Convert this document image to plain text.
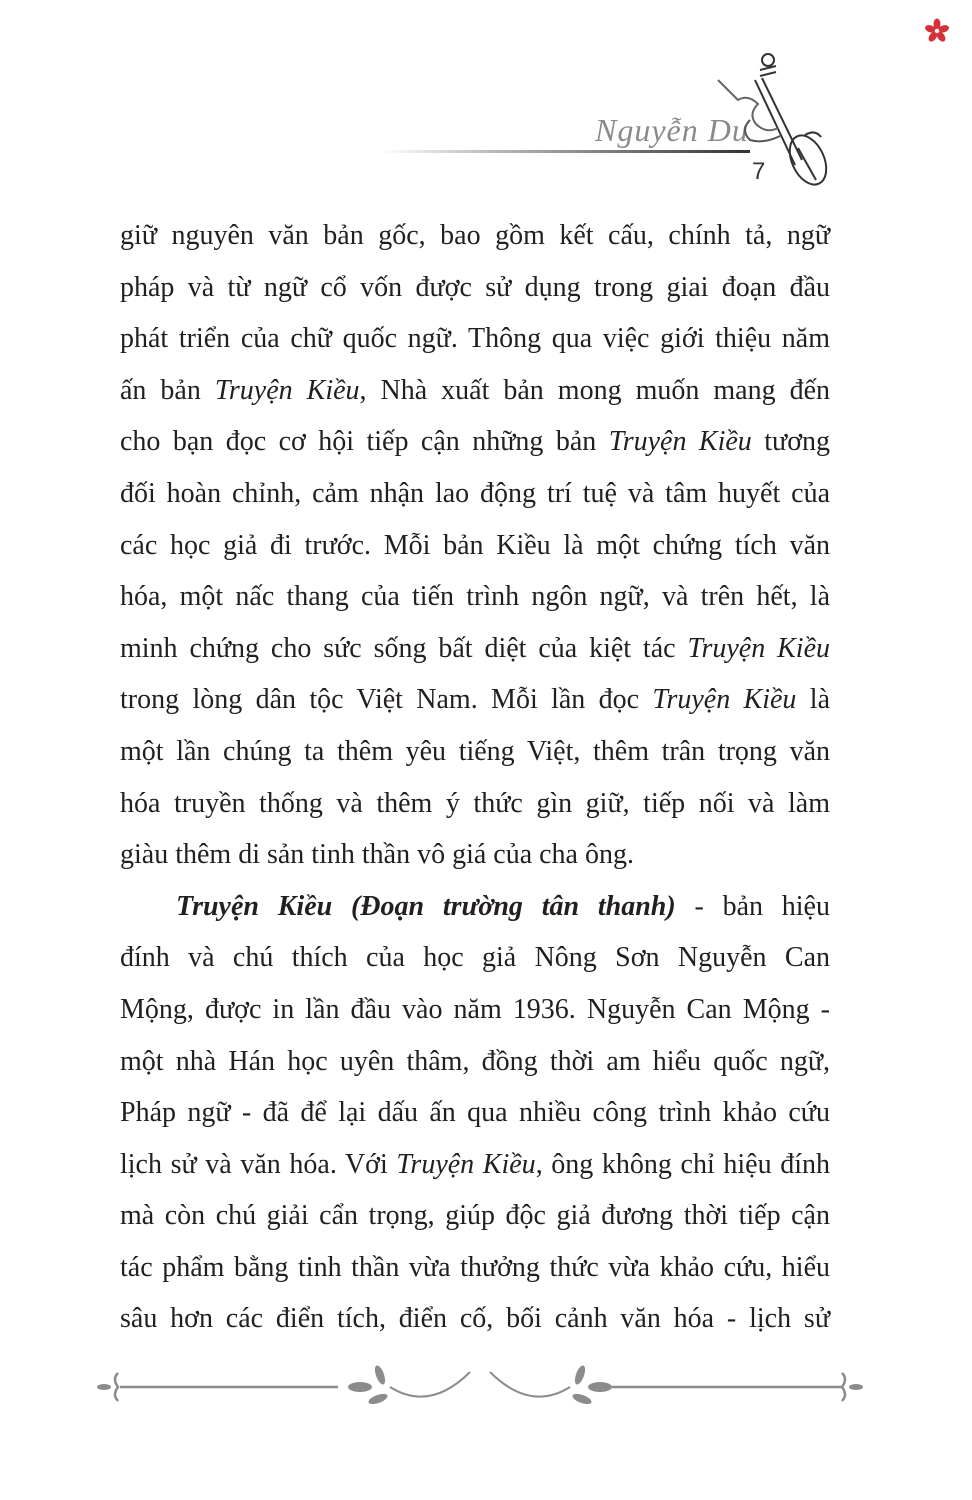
Nguyễn Du
7
giữ nguyên văn bản gốc, bao gồm kết cấu, chính tả, ngữ
pháp và từ ngữ cổ vốn được sử dụng trong giai đoạn đầu
phát triển của chữ quốc ngữ. Thông qua việc giới thiệu năm
ấn bản Truyện Kiều, Nhà xuất bản mong muốn mang đến
cho bạn đọc cơ hội tiếp cận những bản Truyện Kiều tương
đối hoàn chỉnh, cảm nhận lao động trí tuệ và tâm huyết của
các học giả đi trước. Mỗi bản Kiều là một chứng tích văn
hóa, một nấc thang của tiến trình ngôn ngữ, và trên hết, là
minh chứng cho sức sống bất diệt của kiệt tác Truyện Kiều
trong lòng dân tộc Việt Nam. Mỗi lần đọc Truyện Kiều là
một lần chúng ta thêm yêu tiếng Việt, thêm trân trọng văn
hóa truyền thống và thêm ý thức gìn giữ, tiếp nối và làm
giàu thêm di sản tinh thần vô giá của cha ông.
Truyện Kiều (Đoạn trường tân thanh) - bản hiệu
đính và chú thích của học giả Nông Sơn Nguyễn Can
Mộng, được in lần đầu vào năm 1936. Nguyễn Can Mộng -
một nhà Hán học uyên thâm, đồng thời am hiểu quốc ngữ,
Pháp ngữ - đã để lại dấu ấn qua nhiều công trình khảo cứu
lịch sử và văn hóa. Với Truyện Kiều, ông không chỉ hiệu đính
mà còn chú giải cẩn trọng, giúp độc giả đương thời tiếp cận
tác phẩm bằng tinh thần vừa thưởng thức vừa khảo cứu, hiểu
sâu hơn các điển tích, điển cố, bối cảnh văn hóa - lịch sử
